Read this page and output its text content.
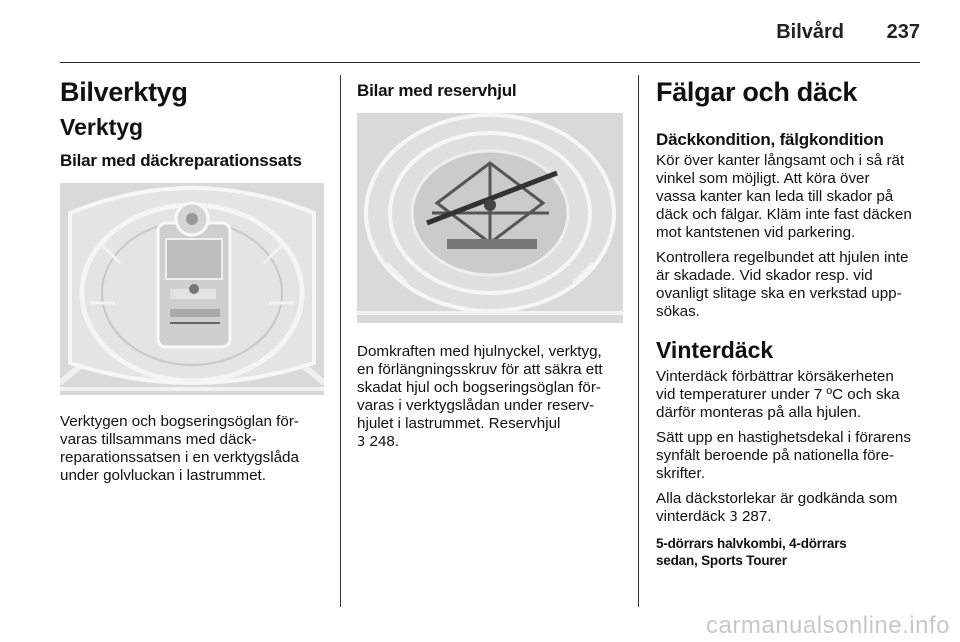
Bilvård 237
Bilverktyg
Verktyg
Bilar med däckreparationssats

Verktygen och bogseringsöglan för-
varas tillsammans med däck-
reparationssatsen i en verktygslåda
under golvluckan i lastrummet.

Bilar med reservhjul

Domkraften med hjulnyckel, verktyg,
en förlängningsskruv för att säkra ett
skadat hjul och bogseringsöglan för-
varas i verktygslådan under reserv-
hjulet i lastrummet. Reservhjul
3 248.

Fälgar och däck
Däckkondition, fälgkondition

Kör över kanter långsamt och i så rät
vinkel som möjligt. Att köra över
vassa kanter kan leda till skador på
däck och fälgar. Kläm inte fast däcken
mot kantstenen vid parkering.

Kontrollera regelbundet att hjulen inte
är skadade. Vid skador resp. vid
ovanligt slitage ska en verkstad upp-
sökas.

Vinterdäck

Vinterdäck förbättrar körsäkerheten
vid temperaturer under 7 ºC och ska
därför monteras på alla hjulen.

Sätt upp en hastighetsdekal i förarens
synfält beroende på nationella före-
skrifter.

Alla däckstorlekar är godkända som
vinterdäck 3 287.

5-dörrars halvkombi, 4-dörrars
sedan, Sports Tourer

carmanualsonline.info
